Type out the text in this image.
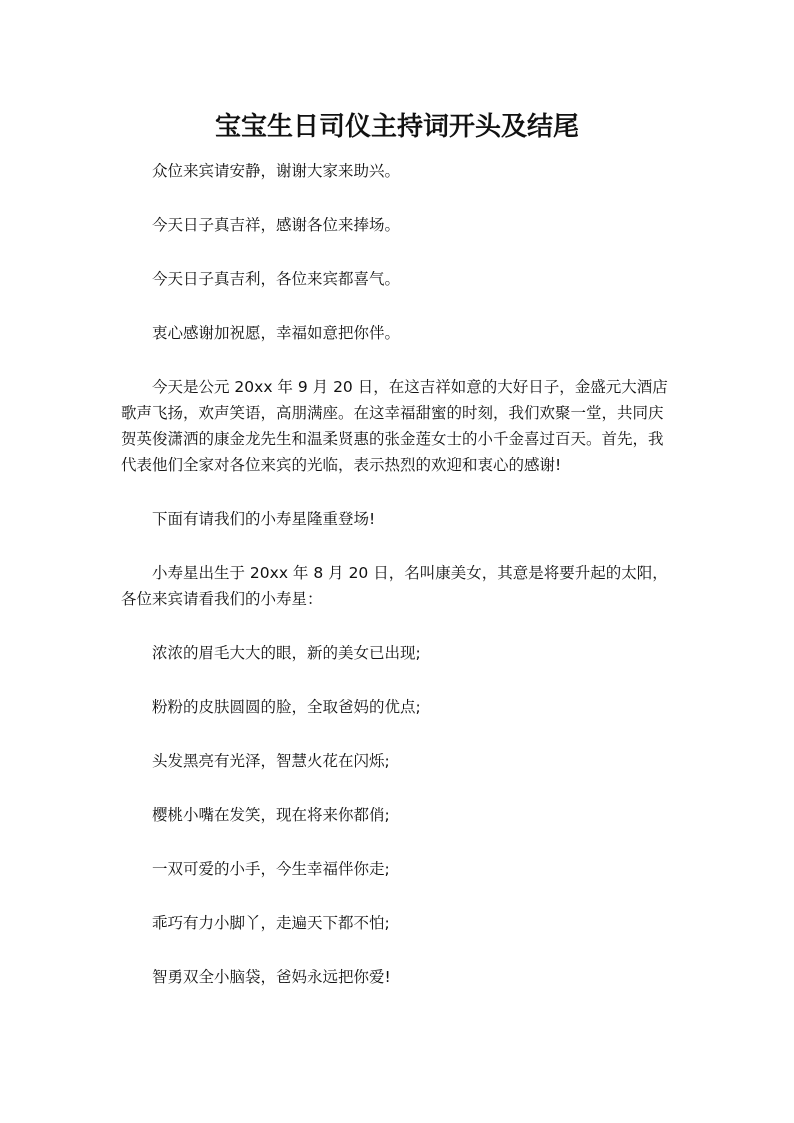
宝宝生日司仪主持词开头及结尾

众位来宾请安静，谢谢大家来助兴。

今天日子真吉祥，感谢各位来捧场。

今天日子真吉利，各位来宾都喜气。

衷心感谢加祝愿，幸福如意把你伴。

今天是公元 20xx 年 9 月 20 日，在这吉祥如意的大好日子，金盛元大酒店
歌声飞扬，欢声笑语，高朋满座。在这幸福甜蜜的时刻，我们欢聚一堂，共同庆
贺英俊潇洒的康金龙先生和温柔贤惠的张金莲女士的小千金喜过百天。首先，我
代表他们全家对各位来宾的光临，表示热烈的欢迎和衷心的感谢!

下面有请我们的小寿星隆重登场!

小寿星出生于 20xx 年 8 月 20 日，名叫康美女，其意是将要升起的太阳，
各位来宾请看我们的小寿星：

浓浓的眉毛大大的眼，新的美女已出现;

粉粉的皮肤圆圆的脸，全取爸妈的优点;

头发黑亮有光泽，智慧火花在闪烁;

樱桃小嘴在发笑，现在将来你都俏;

一双可爱的小手，今生幸福伴你走;

乖巧有力小脚丫，走遍天下都不怕;

智勇双全小脑袋，爸妈永远把你爱!
